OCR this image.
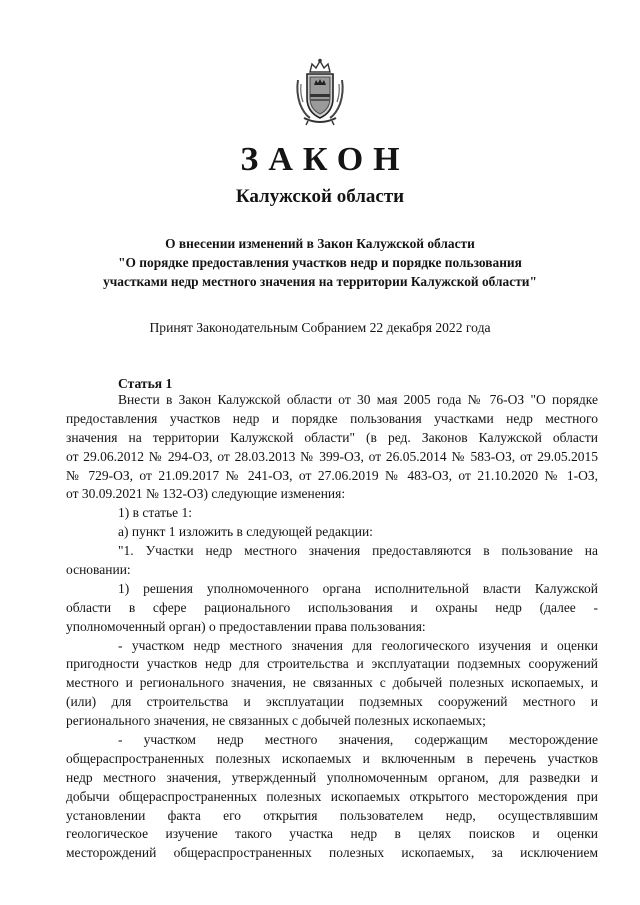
ЗАКОН
Калужской области
О внесении изменений в Закон Калужской области
"О порядке предоставления участков недр и порядке пользования
участками недр местного значения на территории Калужской области"
Принят Законодательным Собранием 22 декабря 2022 года
Статья 1
Внести в Закон Калужской области от 30 мая 2005 года № 76-ОЗ "О порядке
предоставления участков недр и порядке пользования участками недр местного
значения на территории Калужской области" (в ред. Законов Калужской области
от 29.06.2012 № 294-ОЗ, от 28.03.2013 № 399-ОЗ, от 26.05.2014 № 583-ОЗ, от 29.05.2015
№ 729-ОЗ, от 21.09.2017 № 241-ОЗ, от 27.06.2019 № 483-ОЗ, от 21.10.2020 № 1-ОЗ,
от 30.09.2021 № 132-ОЗ) следующие изменения:
1) в статье 1:
а) пункт 1 изложить в следующей редакции:
"1. Участки недр местного значения предоставляются в пользование на
основании:
1) решения уполномоченного органа исполнительной власти Калужской
области в сфере рационального использования и охраны недр (далее -
уполномоченный орган) о предоставлении права пользования:
- участком недр местного значения для геологического изучения и оценки
пригодности участков недр для строительства и эксплуатации подземных сооружений
местного и регионального значения, не связанных с добычей полезных ископаемых, и
(или) для строительства и эксплуатации подземных сооружений местного и
регионального значения, не связанных с добычей полезных ископаемых;
- участком недр местного значения, содержащим месторождение
общераспространенных полезных ископаемых и включенным в перечень участков
недр местного значения, утвержденный уполномоченным органом, для разведки и
добычи общераспространенных полезных ископаемых открытого месторождения при
установлении факта его открытия пользователем недр, осуществлявшим
геологическое изучение такого участка недр в целях поисков и оценки
месторождений общераспространенных полезных ископаемых, за исключением
